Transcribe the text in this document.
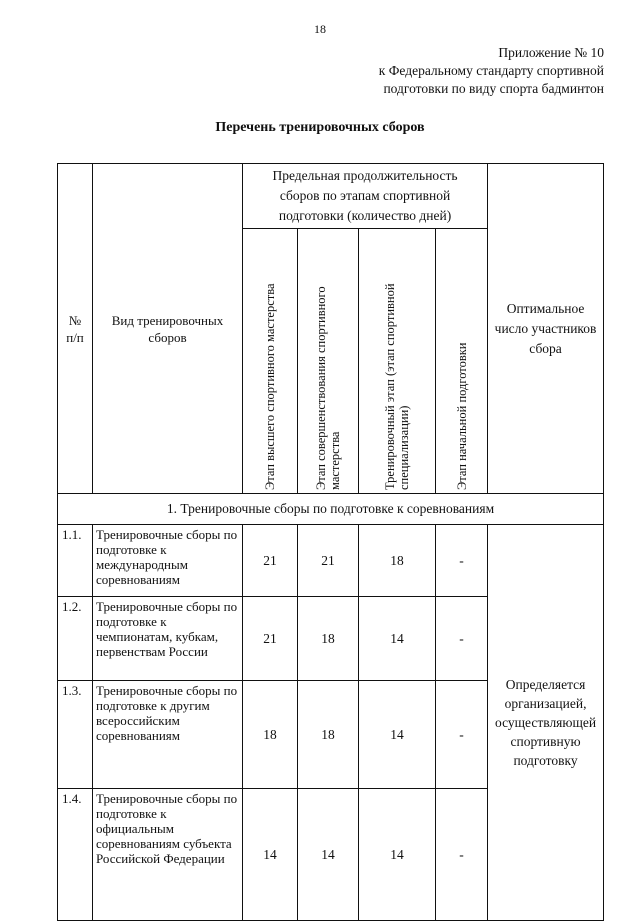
18
Приложение № 10
к Федеральному стандарту спортивной
подготовки по виду спорта бадминтон
Перечень тренировочных сборов
№ п/п	Вид тренировочных сборов	Предельная продолжительность сборов по этапам спортивной подготовки (количество дней)				Оптимальное число участников сбора

		Этап высшего спортивного мастерства	Этап совершенствования спортивного мастерства	Тренировочный этап (этап спортивной специализации)	Этап начальной подготовки	

1. Тренировочные сборы по подготовке к соревнованиям						
1.1.	Тренировочные сборы по подготовке к международным соревнованиям	21	21	18	-	Определяется организацией, осуществляющей спортивную подготовку
1.2.	Тренировочные сборы по подготовке к чемпионатам, кубкам, первенствам России	21	18	14	-	
1.3.	Тренировочные сборы по подготовке к другим всероссийским соревнованиям	18	18	14	-	
1.4.	Тренировочные сборы по подготовке к официальным соревнованиям субъекта Российской Федерации	14	14	14	-	
